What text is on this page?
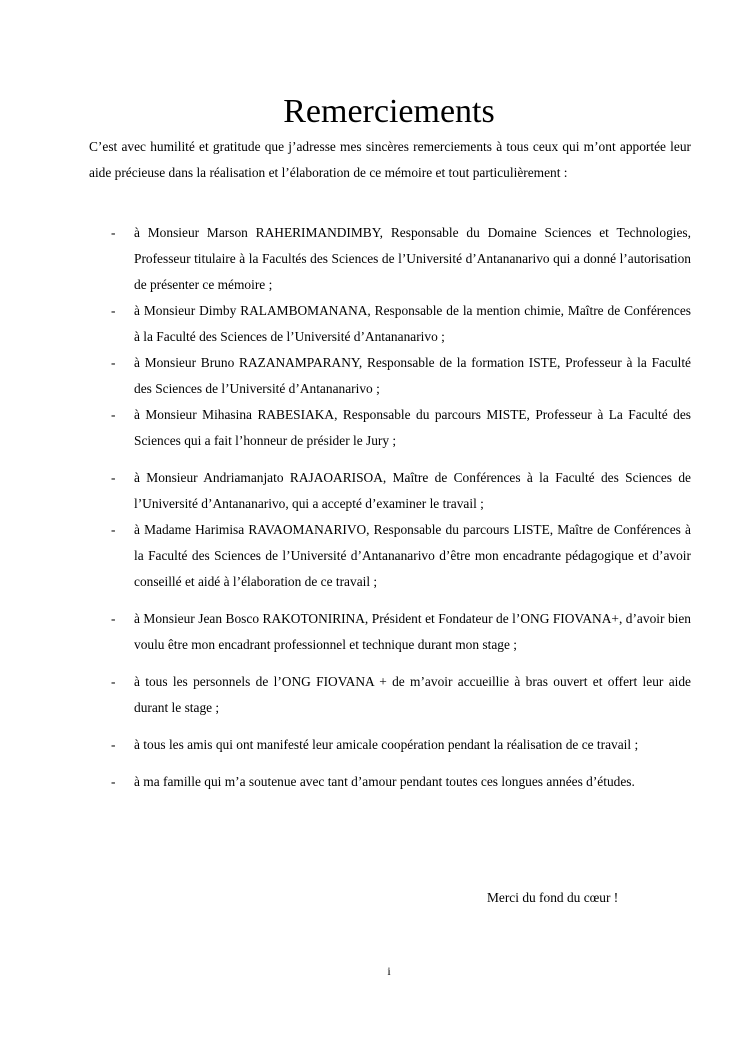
Remerciements

C’est avec humilité et gratitude que j’adresse mes sincères remerciements à tous ceux qui m’ont apportée leur aide précieuse dans la réalisation et l’élaboration de ce mémoire et tout particulièrement :

- à Monsieur Marson RAHERIMANDIMBY, Responsable du Domaine Sciences et Technologies, Professeur titulaire à la Facultés des Sciences de l’Université d’Antananarivo qui a donné l’autorisation de présenter ce mémoire ;
- à Monsieur Dimby RALAMBOMANANA, Responsable de la mention chimie, Maître de Conférences à la Faculté des Sciences de l’Université d’Antananarivo ;
- à Monsieur Bruno RAZANAMPARANY, Responsable de la formation ISTE, Professeur à la Faculté des Sciences de l’Université d’Antananarivo ;
- à Monsieur Mihasina RABESIAKA, Responsable du parcours MISTE, Professeur à La Faculté des Sciences qui a fait l’honneur de présider le Jury ;
- à Monsieur Andriamanjato RAJAOARISOA, Maître de Conférences à la Faculté des Sciences de l’Université d’Antananarivo, qui a accepté d’examiner le travail ;
- à Madame Harimisa RAVAOMANARIVO, Responsable du parcours LISTE, Maître de Conférences à la Faculté des Sciences de l’Université d’Antananarivo d’être mon encadrante pédagogique et d’avoir conseillé et aidé à l’élaboration de ce travail ;
- à Monsieur Jean Bosco RAKOTONIRINA, Président et Fondateur de l’ONG FIOVANA+, d’avoir bien voulu être mon encadrant professionnel et technique durant mon stage ;
- à tous les personnels de l’ONG FIOVANA + de m’avoir accueillie à bras ouvert et offert leur aide durant le stage ;
- à tous les amis qui ont manifesté leur amicale coopération pendant la réalisation de ce travail ;
- à ma famille qui m’a soutenue avec tant d’amour pendant toutes ces longues années d’études.

Merci du fond du cœur !

i
